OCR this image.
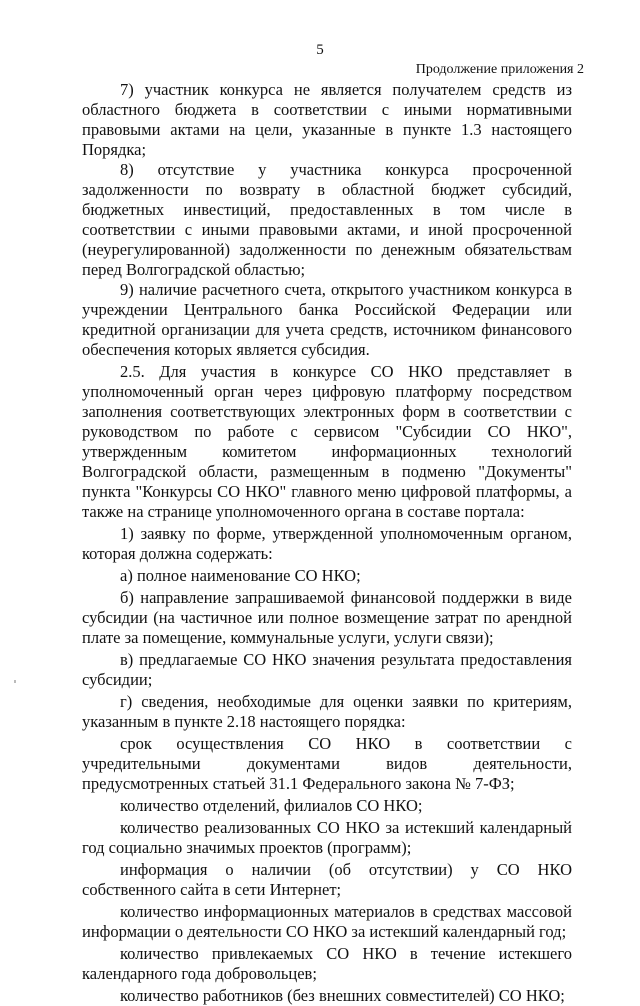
5
Продолжение приложения 2

7) участник конкурса не является получателем средств из областного бюджета в соответствии с иными нормативными правовыми актами на цели, указанные в пункте 1.3 настоящего Порядка;

8) отсутствие у участника конкурса просроченной задолженности по возврату в областной бюджет субсидий, бюджетных инвестиций, предоставленных в том числе в соответствии с иными правовыми актами, и иной просроченной (неурегулированной) задолженности по денежным обязательствам перед Волгоградской областью;

9) наличие расчетного счета, открытого участником конкурса в учреждении Центрального банка Российской Федерации или кредитной организации для учета средств, источником финансового обеспечения которых является субсидия.

2.5. Для участия в конкурсе СО НКО представляет в уполномоченный орган через цифровую платформу посредством заполнения соответствующих электронных форм в соответствии с руководством по работе с сервисом "Субсидии СО НКО", утвержденным комитетом информационных технологий Волгоградской области, размещенным в подменю "Документы" пункта "Конкурсы СО НКО" главного меню цифровой платформы, а также на странице уполномоченного органа в составе портала:

1) заявку по форме, утвержденной уполномоченным органом, которая должна содержать:

а) полное наименование СО НКО;

б) направление запрашиваемой финансовой поддержки в виде субсидии (на частичное или полное возмещение затрат по арендной плате за помещение, коммунальные услуги, услуги связи);

в) предлагаемые СО НКО значения результата предоставления субсидии;

г) сведения, необходимые для оценки заявки по критериям, указанным в пункте 2.18 настоящего порядка:

срок осуществления СО НКО в соответствии с учредительными документами видов деятельности, предусмотренных статьей 31.1 Федерального закона № 7-ФЗ;

количество отделений, филиалов СО НКО;

количество реализованных СО НКО за истекший календарный год социально значимых проектов (программ);

информация о наличии (об отсутствии) у СО НКО собственного сайта в сети Интернет;

количество информационных материалов в средствах массовой информации о деятельности СО НКО за истекший календарный год;

количество привлекаемых СО НКО в течение истекшего календарного года добровольцев;

количество работников (без внешних совместителей) СО НКО;
